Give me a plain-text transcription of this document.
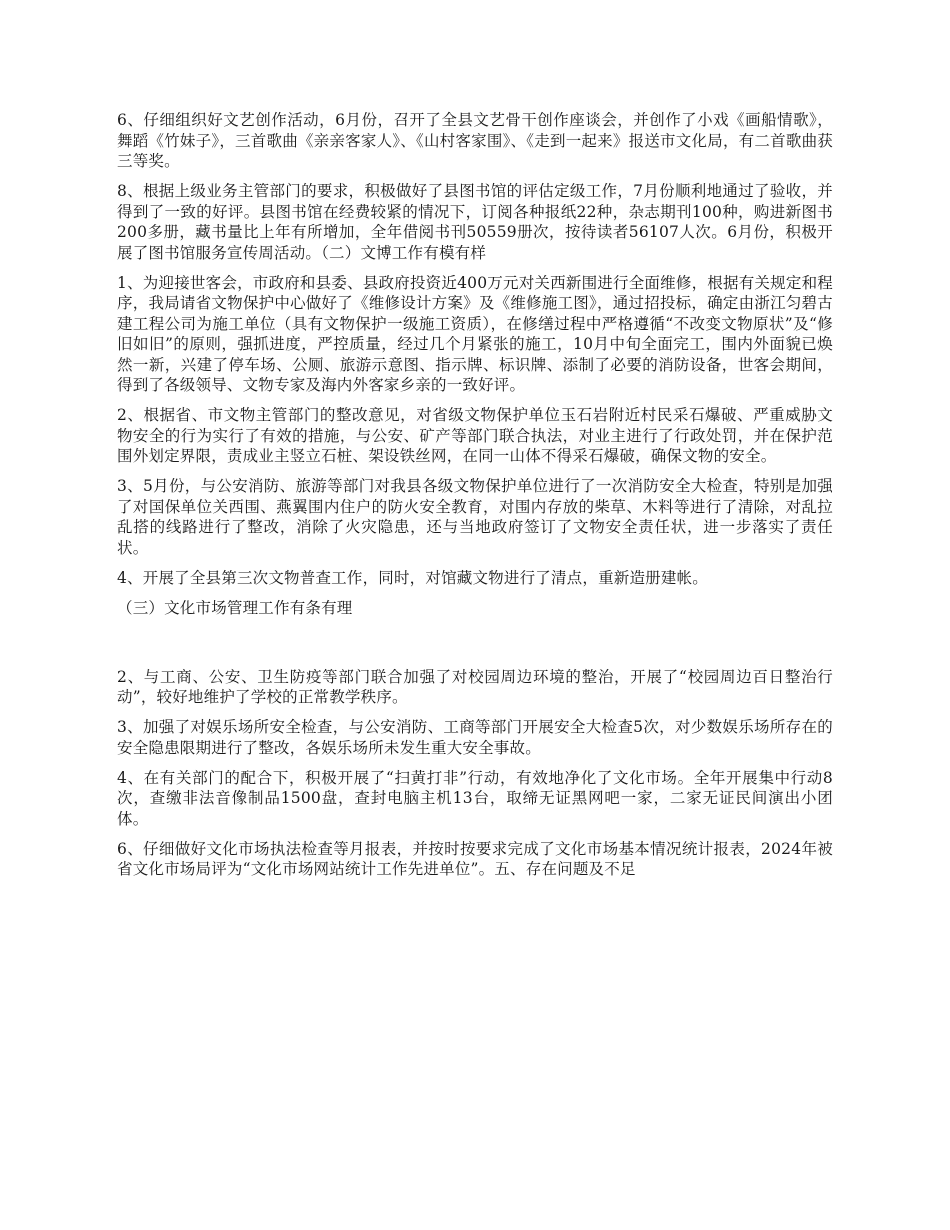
6、仔细组织好文艺创作活动，6月份，召开了全县文艺骨干创作座谈会，并创作了小戏《画船情歌》，舞蹈《竹妹子》，三首歌曲《亲亲客家人》、《山村客家围》、《走到一起来》报送市文化局，有二首歌曲获三等奖。

8、根据上级业务主管部门的要求，积极做好了县图书馆的评估定级工作，7月份顺利地通过了验收，并得到了一致的好评。县图书馆在经费较紧的情况下，订阅各种报纸22种，杂志期刊100种，购进新图书200多册，藏书量比上年有所增加，全年借阅书刊50559册次，按待读者56107人次。6月份，积极开展了图书馆服务宣传周活动。（二）文博工作有模有样

1、为迎接世客会，市政府和县委、县政府投资近400万元对关西新围进行全面维修，根据有关规定和程序，我局请省文物保护中心做好了《维修设计方案》及《维修施工图》，通过招投标，确定由浙江匀碧古建工程公司为施工单位（具有文物保护一级施工资质），在修缮过程中严格遵循“不改变文物原状”及“修旧如旧”的原则，强抓进度，严控质量，经过几个月紧张的施工，10月中旬全面完工，围内外面貌已焕然一新，兴建了停车场、公厕、旅游示意图、指示牌、标识牌、添制了必要的消防设备，世客会期间，得到了各级领导、文物专家及海内外客家乡亲的一致好评。

2、根据省、市文物主管部门的整改意见，对省级文物保护单位玉石岩附近村民采石爆破、严重威胁文物安全的行为实行了有效的措施，与公安、矿产等部门联合执法，对业主进行了行政处罚，并在保护范围外划定界限，责成业主竖立石桩、架设铁丝网，在同一山体不得采石爆破，确保文物的安全。

3、5月份，与公安消防、旅游等部门对我县各级文物保护单位进行了一次消防安全大检查，特别是加强了对国保单位关西围、燕翼围内住户的防火安全教育，对围内存放的柴草、木料等进行了清除，对乱拉乱搭的线路进行了整改，消除了火灾隐患，还与当地政府签订了文物安全责任状，进一步落实了责任状。

4、开展了全县第三次文物普查工作，同时，对馆藏文物进行了清点，重新造册建帐。

（三）文化市场管理工作有条有理

2、与工商、公安、卫生防疫等部门联合加强了对校园周边环境的整治，开展了“校园周边百日整治行动”，较好地维护了学校的正常教学秩序。

3、加强了对娱乐场所安全检查，与公安消防、工商等部门开展安全大检查5次，对少数娱乐场所存在的安全隐患限期进行了整改，各娱乐场所未发生重大安全事故。

4、在有关部门的配合下，积极开展了“扫黄打非”行动，有效地净化了文化市场。全年开展集中行动8次，查缴非法音像制品1500盘，查封电脑主机13台，取缔无证黑网吧一家，二家无证民间演出小团体。

6、仔细做好文化市场执法检查等月报表，并按时按要求完成了文化市场基本情况统计报表，2024年被省文化市场局评为“文化市场网站统计工作先进单位”。五、存在问题及不足
